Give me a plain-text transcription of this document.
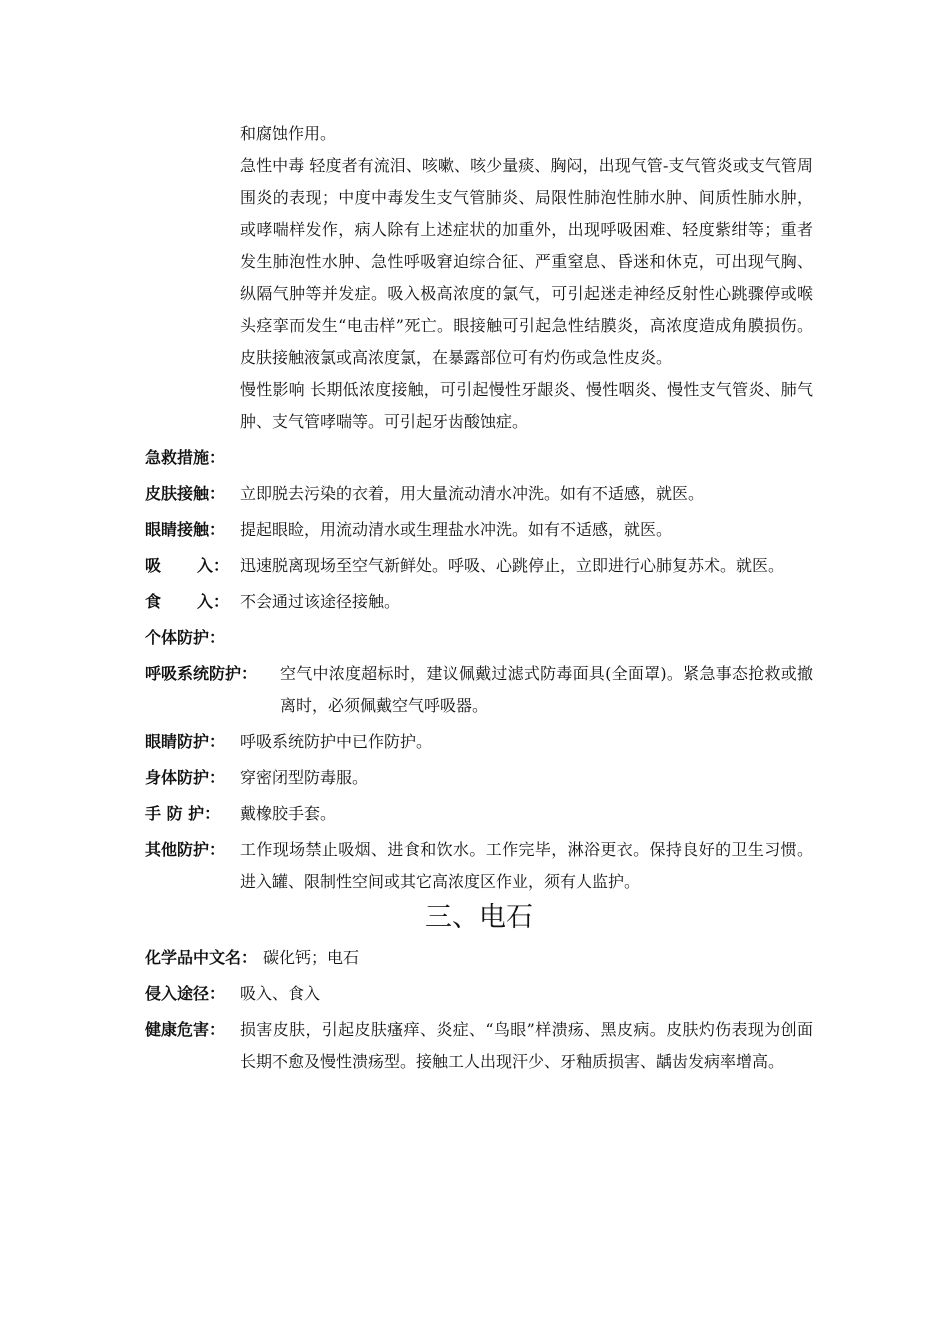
和腐蚀作用。
急性中毒 轻度者有流泪、咳嗽、咳少量痰、胸闷，出现气管-支气管炎或支气管周围炎的表现；中度中毒发生支气管肺炎、局限性肺泡性肺水肿、间质性肺水肿，或哮喘样发作，病人除有上述症状的加重外，出现呼吸困难、轻度紫绀等；重者发生肺泡性水肿、急性呼吸窘迫综合征、严重窒息、昏迷和休克，可出现气胸、纵隔气肿等并发症。吸入极高浓度的氯气，可引起迷走神经反射性心跳骤停或喉头痉挛而发生“电击样”死亡。眼接触可引起急性结膜炎，高浓度造成角膜损伤。皮肤接触液氯或高浓度氯，在暴露部位可有灼伤或急性皮炎。
慢性影响 长期低浓度接触，可引起慢性牙龈炎、慢性咽炎、慢性支气管炎、肺气肿、支气管哮喘等。可引起牙齿酸蚀症。
急救措施：
皮肤接触： 立即脱去污染的衣着，用大量流动清水冲洗。如有不适感，就医。
眼睛接触： 提起眼睑，用流动清水或生理盐水冲洗。如有不适感，就医。
吸 入： 迅速脱离现场至空气新鲜处。呼吸、心跳停止，立即进行心肺复苏术。就医。
食 入： 不会通过该途径接触。
个体防护：
呼吸系统防护：	空气中浓度超标时，建议佩戴过滤式防毒面具(全面罩)。紧急事态抢救或撤离时，必须佩戴空气呼吸器。
眼睛防护： 呼吸系统防护中已作防护。
身体防护： 穿密闭型防毒服。
手 防 护：	戴橡胶手套。
其他防护： 工作现场禁止吸烟、进食和饮水。工作完毕，淋浴更衣。保持良好的卫生习惯。进入罐、限制性空间或其它高浓度区作业，须有人监护。
三、电石
化学品中文名： 碳化钙；电石
侵入途径： 吸入、食入
健康危害： 损害皮肤，引起皮肤瘙痒、炎症、“鸟眼”样溃疡、黑皮病。皮肤灼伤表现为创面长期不愈及慢性溃疡型。接触工人出现汗少、牙釉质损害、龋齿发病率增高。
